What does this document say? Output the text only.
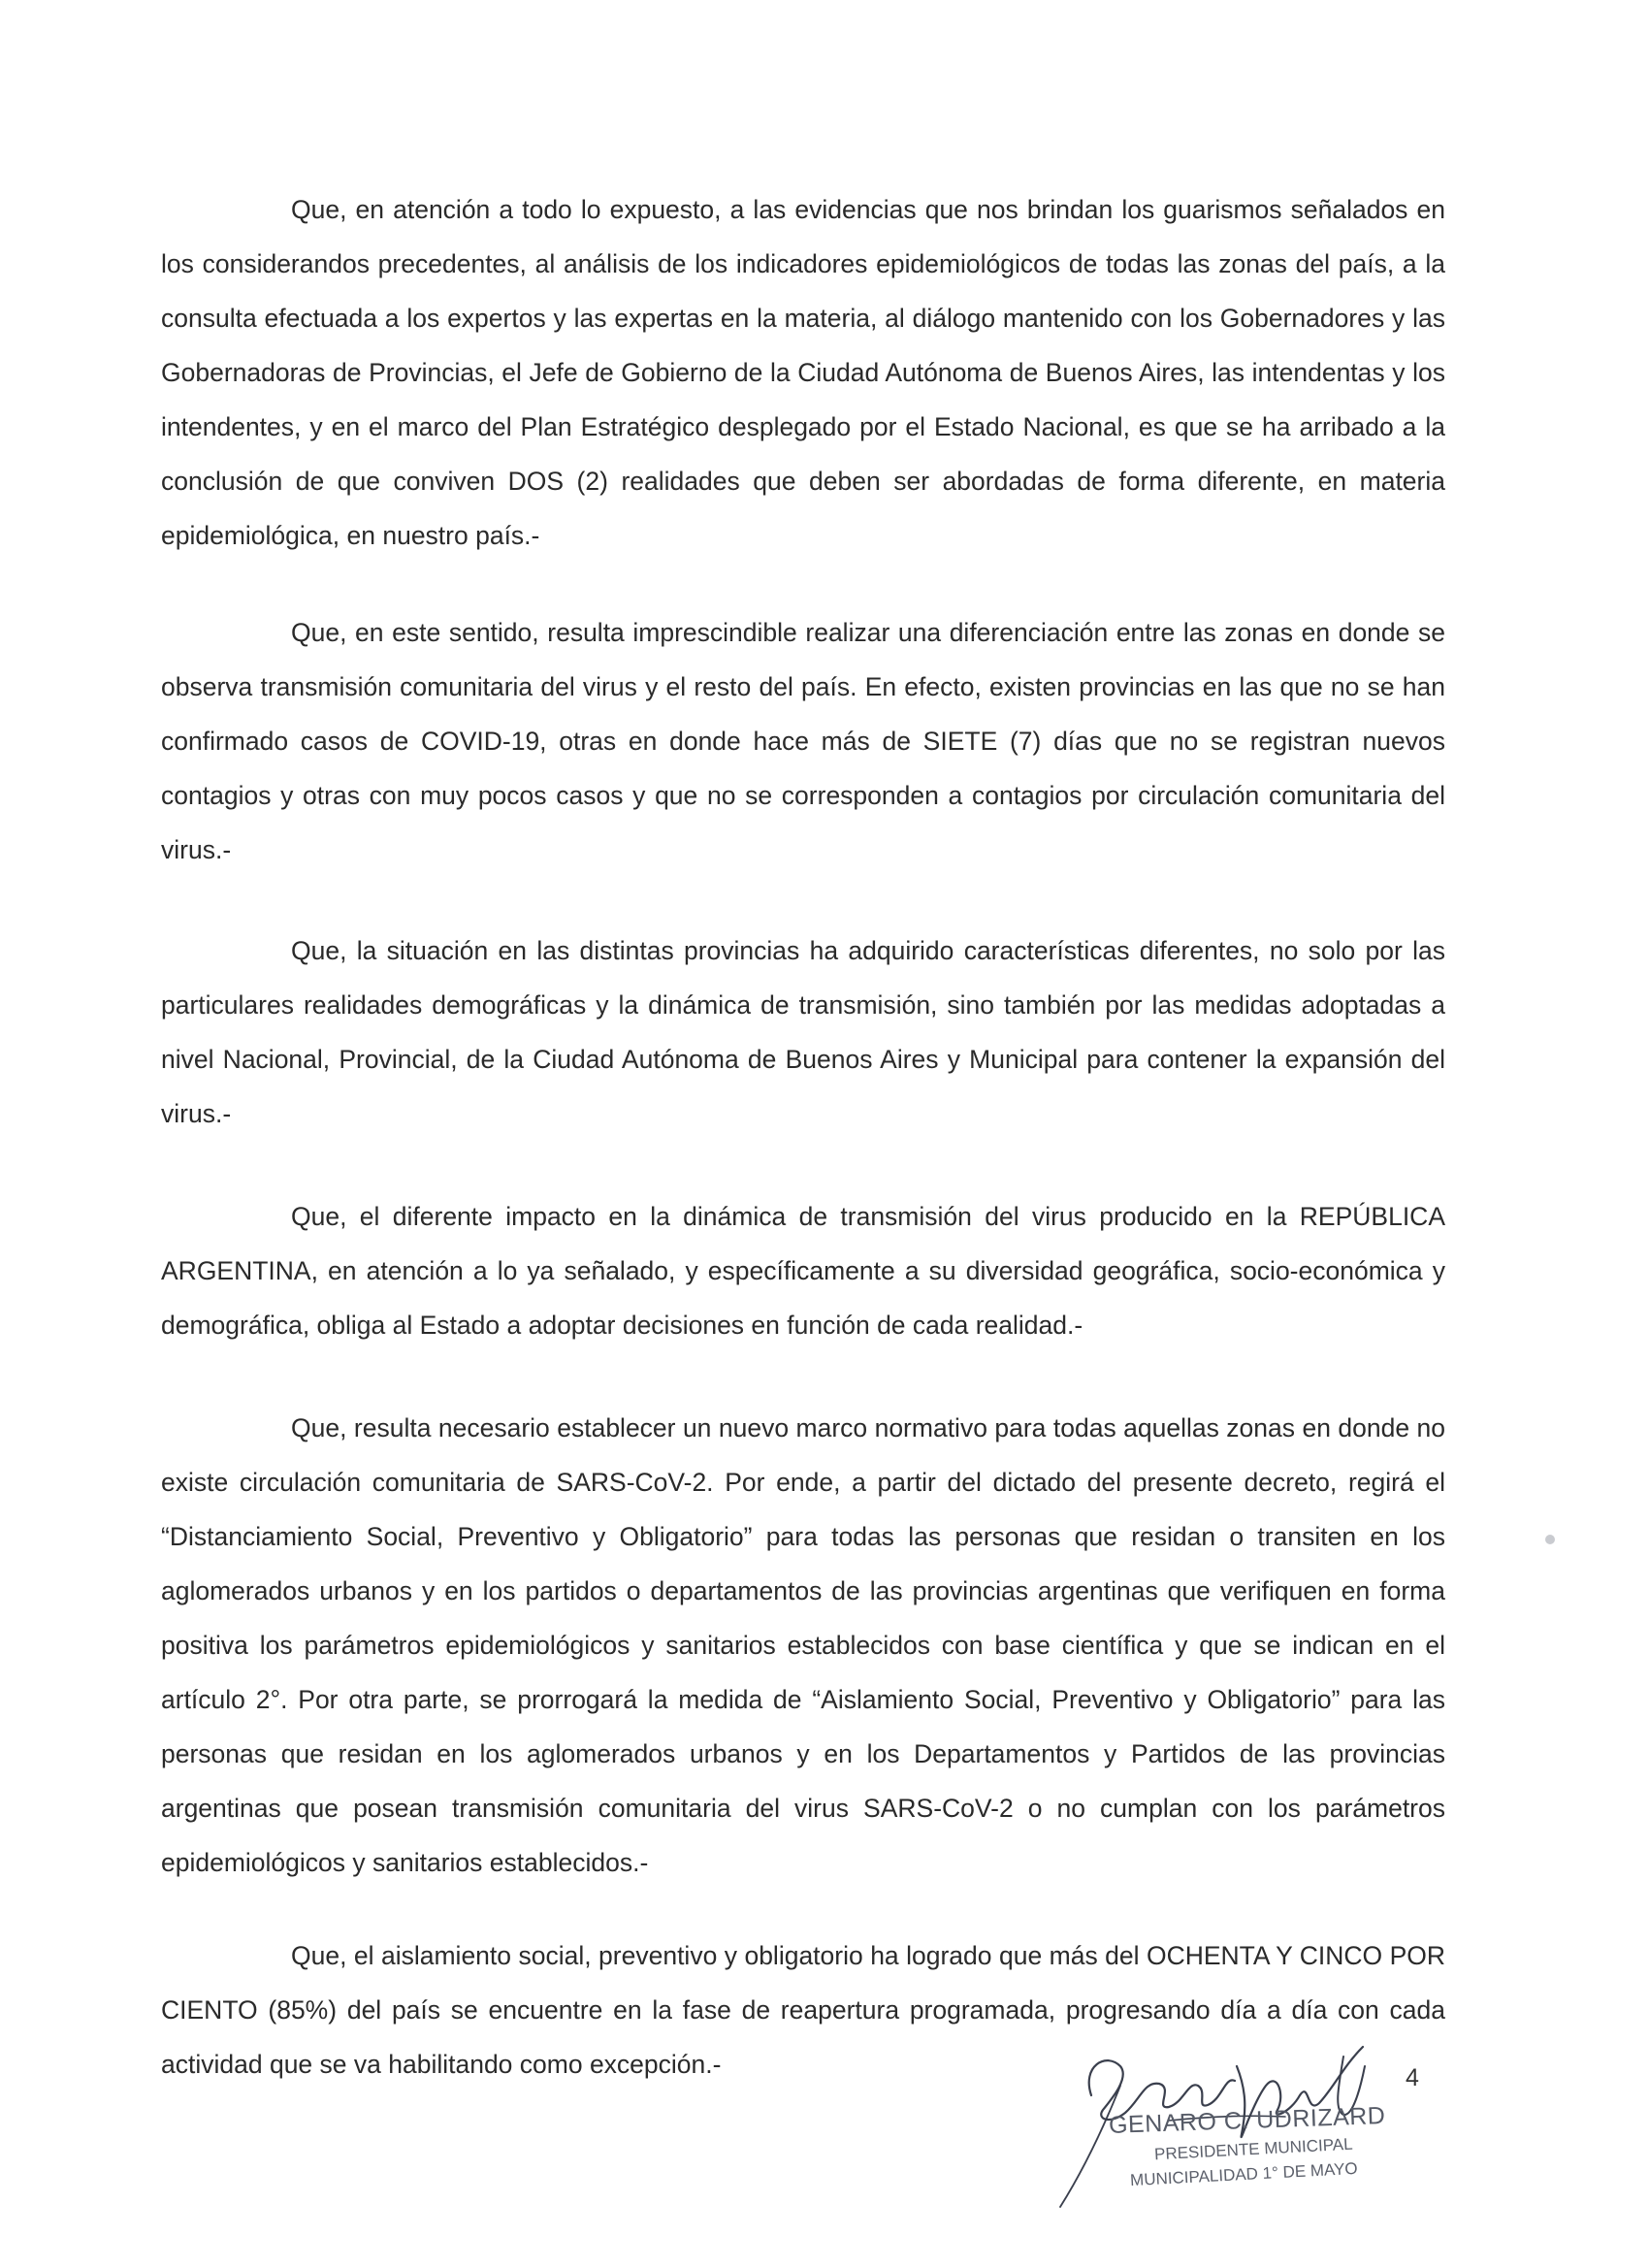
Que, en atención a todo lo expuesto, a las evidencias que nos brindan los guarismos señalados en los considerandos precedentes, al análisis de los indicadores epidemiológicos de todas las zonas del país, a la consulta efectuada a los expertos y las expertas en la materia, al diálogo mantenido con los Gobernadores y las Gobernadoras de Provincias, el Jefe de Gobierno de la Ciudad Autónoma de Buenos Aires, las intendentas y los intendentes, y en el marco del Plan Estratégico desplegado por el Estado Nacional, es que se ha arribado a la conclusión de que conviven DOS (2) realidades que deben ser abordadas de forma diferente, en materia epidemiológica, en nuestro país.-

Que, en este sentido, resulta imprescindible realizar una diferenciación entre las zonas en donde se observa transmisión comunitaria del virus y el resto del país. En efecto, existen provincias en las que no se han confirmado casos de COVID-19, otras en donde hace más de SIETE (7) días que no se registran nuevos contagios y otras con muy pocos casos y que no se corresponden a contagios por circulación comunitaria del virus.-

Que, la situación en las distintas provincias ha adquirido características diferentes, no solo por las particulares realidades demográficas y la dinámica de transmisión, sino también por las medidas adoptadas a nivel Nacional, Provincial, de la Ciudad Autónoma de Buenos Aires y Municipal para contener la expansión del virus.-

Que, el diferente impacto en la dinámica de transmisión del virus producido en la REPÚBLICA ARGENTINA, en atención a lo ya señalado, y específicamente a su diversidad geográfica, socio-económica y demográfica, obliga al Estado a adoptar decisiones en función de cada realidad.-

Que, resulta necesario establecer un nuevo marco normativo para todas aquellas zonas en donde no existe circulación comunitaria de SARS-CoV-2. Por ende, a partir del dictado del presente decreto, regirá el “Distanciamiento Social, Preventivo y Obligatorio” para todas las personas que residan o transiten en los aglomerados urbanos y en los partidos o departamentos de las provincias argentinas que verifiquen en forma positiva los parámetros epidemiológicos y sanitarios establecidos con base científica y que se indican en el artículo 2°. Por otra parte, se prorrogará la medida de “Aislamiento Social, Preventivo y Obligatorio” para las personas que residan en los aglomerados urbanos y en los Departamentos y Partidos de las provincias argentinas que posean transmisión comunitaria del virus SARS-CoV-2 o no cumplan con los parámetros epidemiológicos y sanitarios establecidos.-

Que, el aislamiento social, preventivo y obligatorio ha logrado que más del OCHENTA Y CINCO POR CIENTO (85%) del país se encuentre en la fase de reapertura programada, progresando día a día con cada actividad que se va habilitando como excepción.-

GENARO C. UDRIZARD
PRESIDENTE MUNICIPAL
MUNICIPALIDAD 1° DE MAYO
4
